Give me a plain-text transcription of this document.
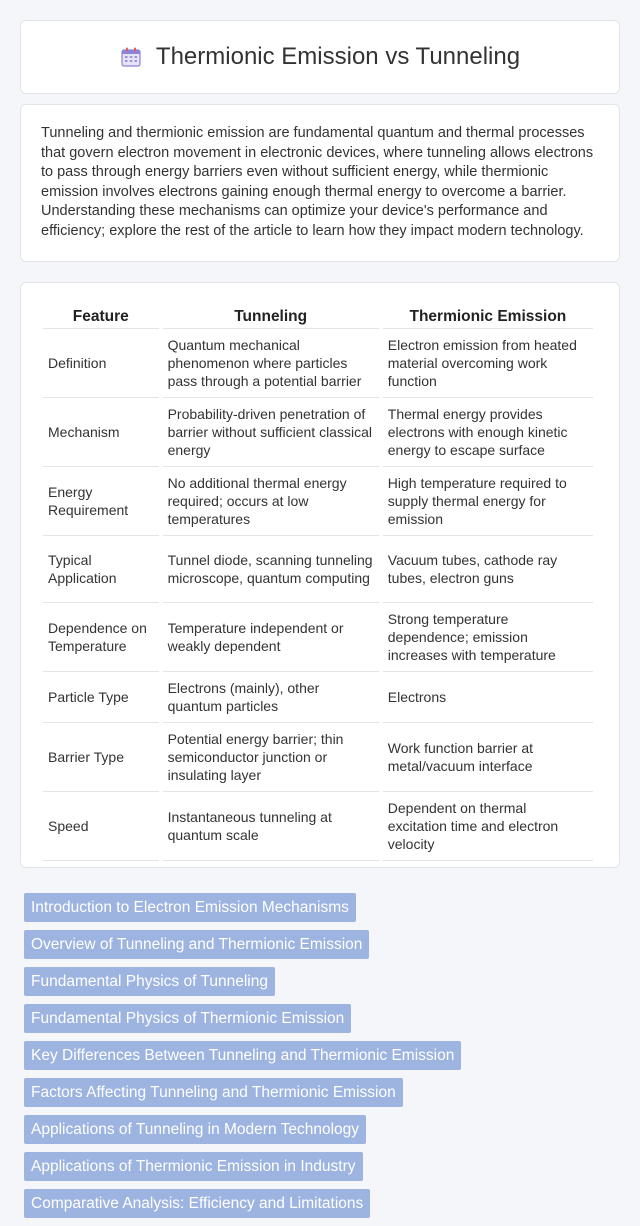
Thermionic Emission vs Tunneling

Tunneling and thermionic emission are fundamental quantum and thermal processes that govern electron movement in electronic devices, where tunneling allows electrons to pass through energy barriers even without sufficient energy, while thermionic emission involves electrons gaining enough thermal energy to overcome a barrier. Understanding these mechanisms can optimize your device's performance and efficiency; explore the rest of the article to learn how they impact modern technology.

Feature	Tunneling	Thermionic Emission
Definition	Quantum mechanical phenomenon where particles pass through a potential barrier	Electron emission from heated material overcoming work function
Mechanism	Probability-driven penetration of barrier without sufficient classical energy	Thermal energy provides electrons with enough kinetic energy to escape surface
Energy Requirement	No additional thermal energy required; occurs at low temperatures	High temperature required to supply thermal energy for emission
Typical Application	Tunnel diode, scanning tunneling microscope, quantum computing	Vacuum tubes, cathode ray tubes, electron guns
Dependence on Temperature	Temperature independent or weakly dependent	Strong temperature dependence; emission increases with temperature
Particle Type	Electrons (mainly), other quantum particles	Electrons
Barrier Type	Potential energy barrier; thin semiconductor junction or insulating layer	Work function barrier at metal/vacuum interface
Speed	Instantaneous tunneling at quantum scale	Dependent on thermal excitation time and electron velocity
Introduction to Electron Emission Mechanisms
Overview of Tunneling and Thermionic Emission
Fundamental Physics of Tunneling
Fundamental Physics of Thermionic Emission
Key Differences Between Tunneling and Thermionic Emission
Factors Affecting Tunneling and Thermionic Emission
Applications of Tunneling in Modern Technology
Applications of Thermionic Emission in Industry
Comparative Analysis: Efficiency and Limitations
